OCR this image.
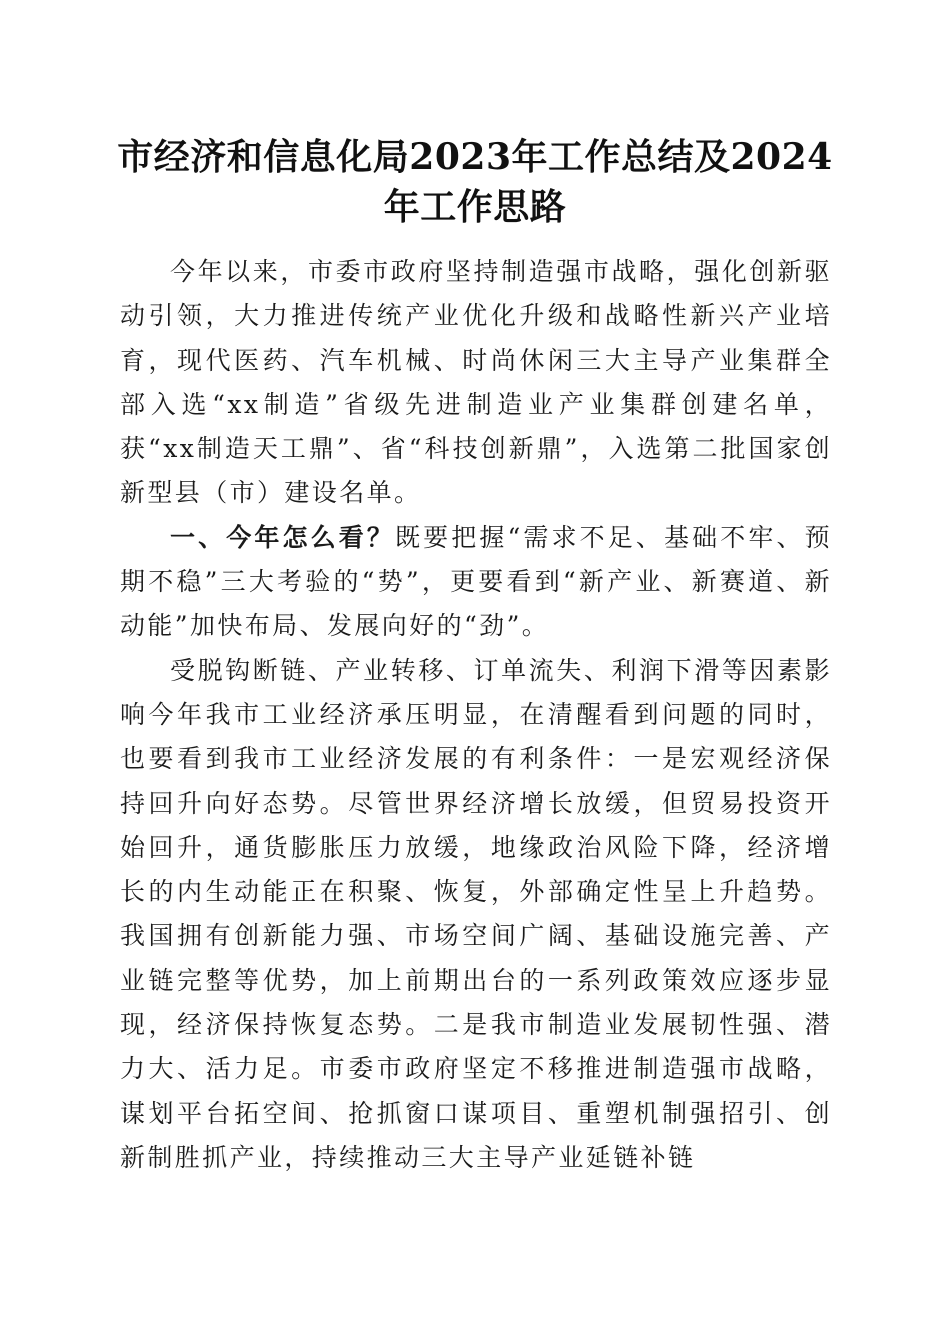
市经济和信息化局2023年工作总结及2024年工作思路

今年以来，市委市政府坚持制造强市战略，强化创新驱动引领，大力推进传统产业优化升级和战略性新兴产业培育，现代医药、汽车机械、时尚休闲三大主导产业集群全部入选“xx制造”省级先进制造业产业集群创建名单，获“xx制造天工鼎”、省“科技创新鼎”，入选第二批国家创新型县（市）建设名单。

一、今年怎么看？既要把握“需求不足、基础不牢、预期不稳”三大考验的“势”，更要看到“新产业、新赛道、新动能”加快布局、发展向好的“劲”。

受脱钩断链、产业转移、订单流失、利润下滑等因素影响今年我市工业经济承压明显，在清醒看到问题的同时，也要看到我市工业经济发展的有利条件：一是宏观经济保持回升向好态势。尽管世界经济增长放缓，但贸易投资开始回升，通货膨胀压力放缓，地缘政治风险下降，经济增长的内生动能正在积聚、恢复，外部确定性呈上升趋势。我国拥有创新能力强、市场空间广阔、基础设施完善、产业链完整等优势，加上前期出台的一系列政策效应逐步显现，经济保持恢复态势。二是我市制造业发展韧性强、潜力大、活力足。市委市政府坚定不移推进制造强市战略，谋划平台拓空间、抢抓窗口谋项目、重塑机制强招引、创新制胜抓产业，持续推动三大主导产业延链补链
